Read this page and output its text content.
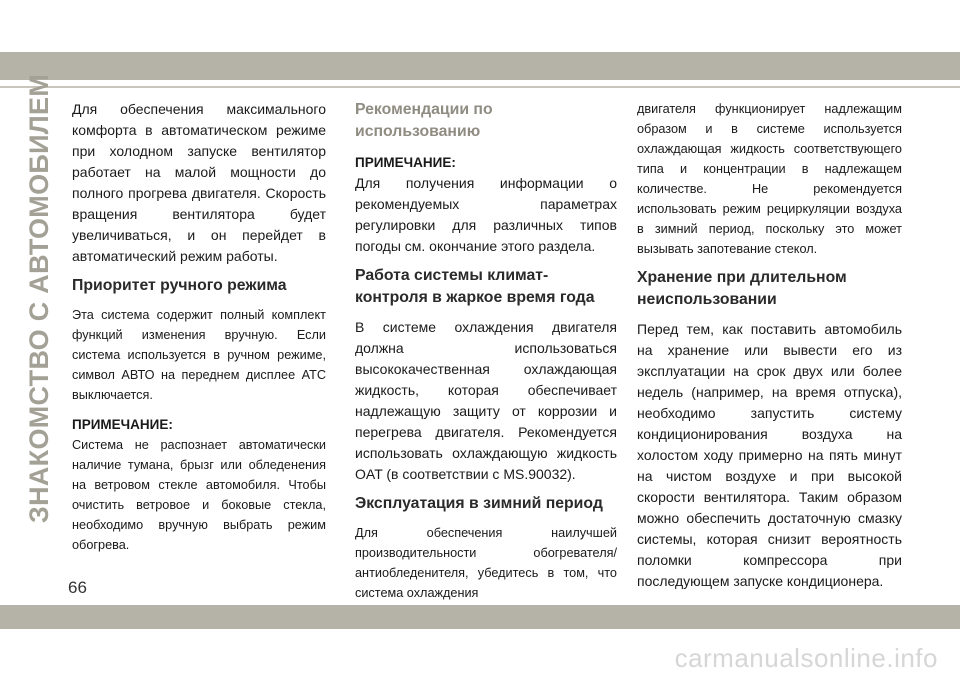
ЗНАКОМСТВО С АВТОМОБИЛЕМ Для обеспечения максимального комфорта в автоматическом режиме при холодном запуске вентилятор работает на малой мощности до полного прогрева двигателя. Скорость вращения вентилятора будет увеличиваться, и он перейдет в автоматический режим работы.

Приоритет ручного режима

Эта система содержит полный комплект функций изменения вручную. Если система используется в ручном режиме, символ АВТО на переднем дисплее АТС выключается.

ПРИМЕЧАНИЕ:

Система не распознает автоматически наличие тумана, брызг или обледенения на ветровом стекле автомобиля. Чтобы очистить ветровое и боковые стекла, необходимо вручную выбрать режим обогрева.

Рекомендации по использованию
ПРИМЕЧАНИЕ:

Для получения информации о рекомендуемых параметрах регулировки для различных типов погоды см. окончание этого раздела.

Работа системы климат-контроля в жаркое время года

В системе охлаждения двигателя должна использоваться высококачественная охлаждающая жидкость, которая обеспечивает надлежащую защиту от коррозии и перегрева двигателя. Рекомендуется использовать охлаждающую жидкость OAT (в соответствии с MS.90032).

Эксплуатация в зимний период

Для обеспечения наилучшей производительности обогревателя/антиобледенителя, убедитесь в том, что система охлаждения

двигателя функционирует надлежащим образом и в системе используется охлаждающая жидкость соответствующего типа и концентрации в надлежащем количестве. Не рекомендуется использовать режим рециркуляции воздуха в зимний период, поскольку это может вызывать запотевание стекол.

Хранение при длительном неиспользовании

Перед тем, как поставить автомобиль на хранение или вывести его из эксплуатации на срок двух или более недель (например, на время отпуска), необходимо запустить систему кондиционирования воздуха на холостом ходу примерно на пять минут на чистом воздухе и при высокой скорости вентилятора. Таким образом можно обеспечить достаточную смазку системы, которая снизит вероятность поломки компрессора при последующем запуске кондиционера.

66
carmanualsonline.info
